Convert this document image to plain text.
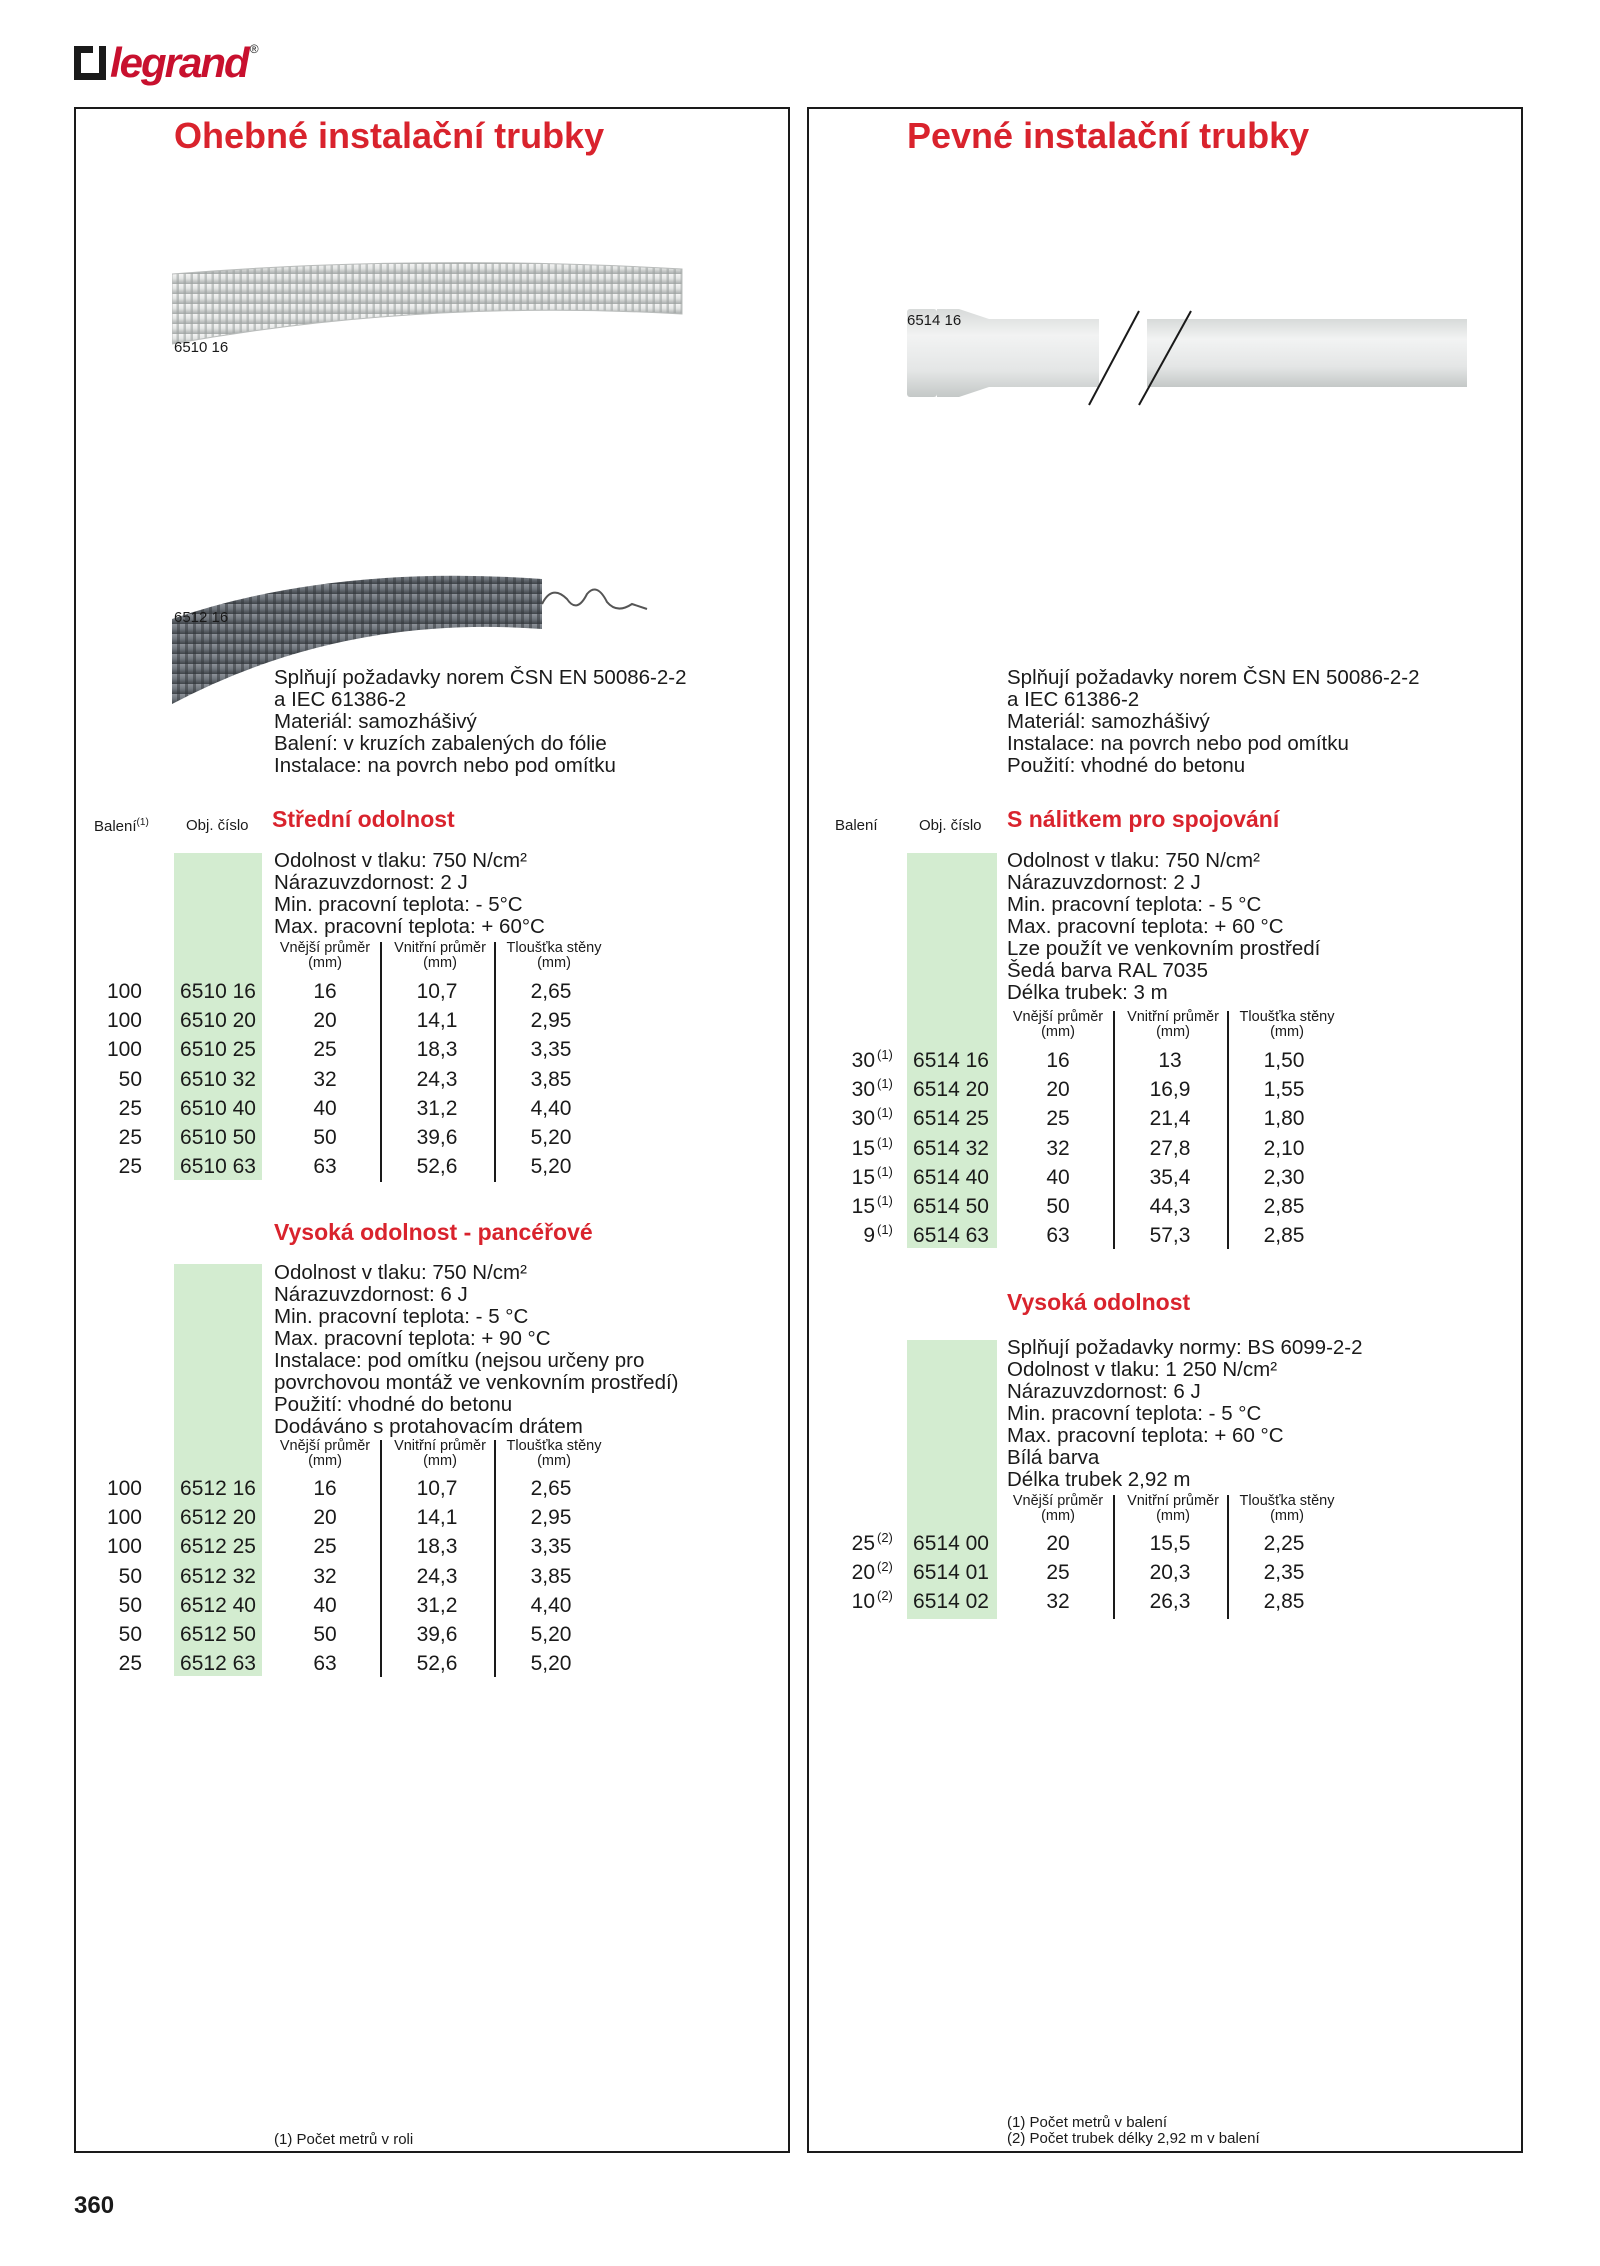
legrand ®
Ohebné instalační trubky
6510 16
6512 16
Splňují požadavky norem ČSN EN 50086-2-2
a IEC 61386-2
Materiál: samozhášivý
Balení: v kruzích zabalených do fólie
Instalace: na povrch nebo pod omítku
Balení$^{(1)}$ Obj. číslo Střední odolnost
Odolnost v tlaku: 750 N/cm²
Nárazuvzdornost: 2 J
Min. pracovní teplota: - 5°C
Max. pracovní teplota: + 60°C
Vnější průměr
(mm)
Vnitřní průměr
(mm)
Tloušťka stěny
(mm)
100 6510 16	16	10,7	2,65
100 6510 20	20	14,1	2,95
100 6510 25	25	18,3	3,35
50 6510 32	32	24,3	3,85
25 6510 40	40	31,2	4,40
25 6510 50	50	39,6	5,20
25 6510 63	63	52,6	5,20
Vysoká odolnost - pancéřové
Odolnost v tlaku: 750 N/cm²
Nárazuvzdornost: 6 J
Min. pracovní teplota: - 5 °C
Max. pracovní teplota: + 90 °C
Instalace: pod omítku (nejsou určeny pro
povrchovou montáž ve venkovním prostředí)
Použití: vhodné do betonu
Dodáváno s protahovacím drátem
Vnější průměr
(mm)
Vnitřní průměr
(mm)
Tloušťka stěny
(mm)
100 6512 16	16	10,7	2,65
100 6512 20	20	14,1	2,95
100 6512 25	25	18,3	3,35
50 6512 32	32	24,3	3,85
50 6512 40	40	31,2	4,40
50 6512 50	50	39,6	5,20
25 6512 63	63	52,6	5,20
(1) Počet metrů v roli
Pevné instalační trubky
6514 16
Splňují požadavky norem ČSN EN 50086-2-2
a IEC 61386-2
Materiál: samozhášivý
Instalace: na povrch nebo pod omítku
Použití: vhodné do betonu
Balení	Obj. číslo S nálitkem pro spojování
Odolnost v tlaku: 750 N/cm²
Nárazuvzdornost: 2 J
Min. pracovní teplota: - 5 °C
Max. pracovní teplota: + 60 °C
Lze použít ve venkovním prostředí
Šedá barva RAL 7035
Délka trubek: 3 m
Vnější průměr
(mm)
Vnitřní průměr
(mm)
Tloušťka stěny
(mm)
30 (1) 6514 16	16	13	1,50
30 (1) 6514 20	20	16,9	1,55
30 (1) 6514 25	25	21,4	1,80
15 (1) 6514 32	32	27,8	2,10
15 (1) 6514 40	40	35,4	2,30
15 (1) 6514 50	50	44,3	2,85
9 (1) 6514 63	63	57,3	2,85
Vysoká odolnost
Splňují požadavky normy: BS 6099-2-2
Odolnost v tlaku: 1 250 N/cm²
Nárazuvzdornost: 6 J
Min. pracovní teplota: - 5 °C
Max. pracovní teplota: + 60 °C
Bílá barva
Délka trubek 2,92 m
Vnější průměr
(mm)
Vnitřní průměr
(mm)
Tloušťka stěny
(mm)
25 (2) 6514 00	20	15,5	2,25
20 (2) 6514 01	25	20,3	2,35
10 (2) 6514 02	32	26,3	2,85
(1) Počet metrů v balení
(2) Počet trubek délky 2,92 m v balení
360
